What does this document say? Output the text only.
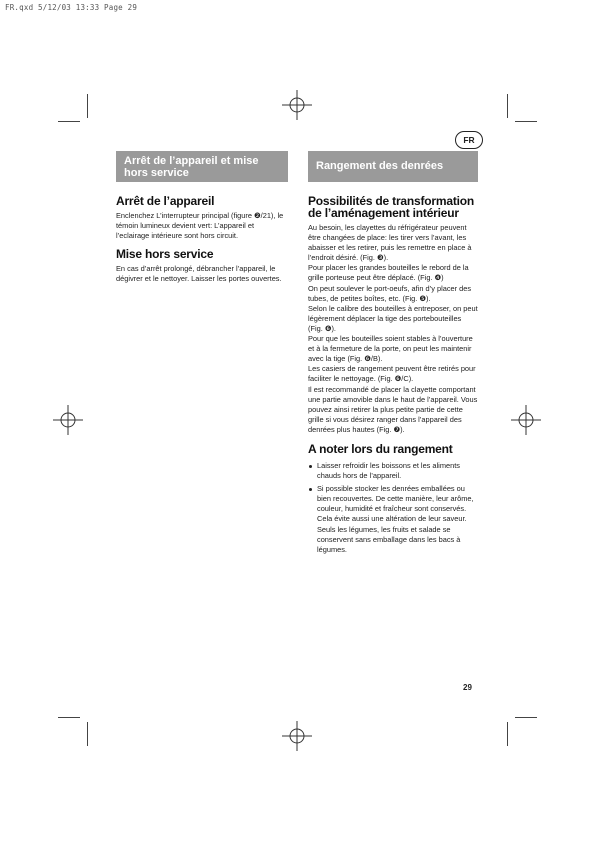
FR.qxd 5/12/03 13:33 Page 29
FR
Arrêt de l’appareil et mise hors service
Rangement des denrées
Arrêt de l’appareil

Enclenchez L’interrupteur principal (figure ❷/21), le témoin lumineux devient vert: L’appareil et l’eclairage intérieure sont hors circuit.

Mise hors service

En cas d’arrêt prolongé, débrancher l’appareil, le dégivrer et le nettoyer. Laisser les portes ouvertes.

Possibilités de transformation de l’aménagement intérieur

Au besoin, les clayettes du réfrigérateur peuvent être changées de place: les tirer vers l’avant, les abaisser et les retirer, puis les remettre en place à l’endroit désiré. (Fig. ❸).

Pour placer les grandes bouteilles le rebord de la grille porteuse peut être déplacé. (Fig. ❹)

On peut soulever le port-oeufs, afin d’y placer des tubes, de petites boîtes, etc. (Fig. ❺).

Selon le calibre des bouteilles à entreposer, on peut légèrement déplacer la tige des portebouteilles (Fig. ❻).

Pour que les bouteilles soient stables à l’ouverture et à la fermeture de la porte, on peut les maintenir avec la tige (Fig. ❻/B).

Les casiers de rangement peuvent être retirés pour faciliter le nettoyage. (Fig. ❻/C).

Il est recommandé de placer la clayette comportant une partie amovible dans le haut de l’appareil. Vous pouvez ainsi retirer la plus petite partie de cette grille si vous désirez ranger dans l’appareil des denrées plus hautes (Fig. ❼).

A noter lors du rangement
Laisser refroidir les boissons et les aliments chauds hors de l’appareil.
Si possible stocker les denrées emballées ou bien recouvertes. De cette manière, leur arôme, couleur, humidité et fraîcheur sont conservés. Cela évite aussi une altération de leur saveur. Seuls les légumes, les fruits et salade se conservent sans emballage dans les bacs à légumes.
29
